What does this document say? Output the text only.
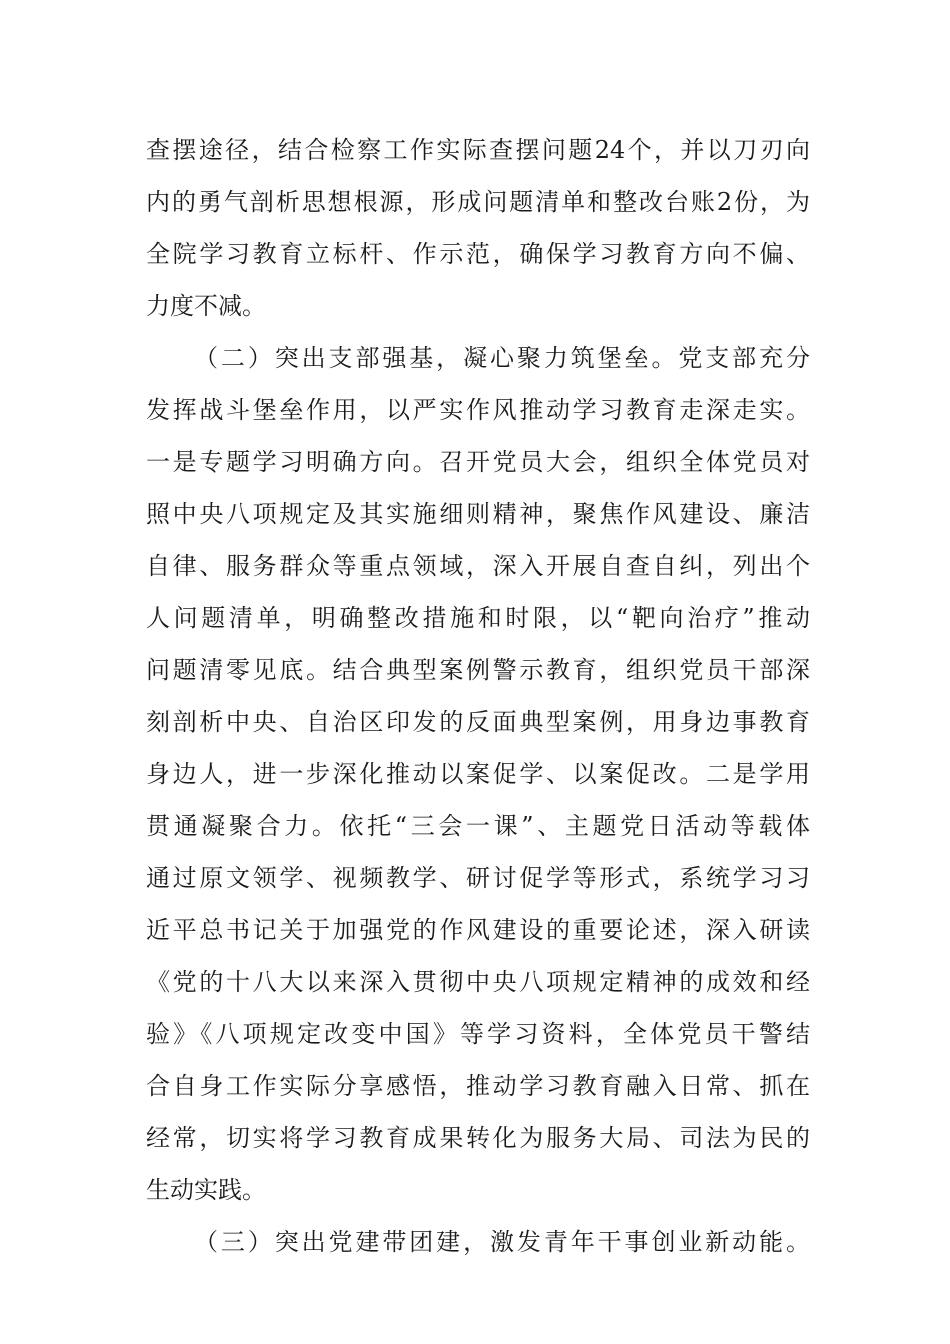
查摆途径，结合检察工作实际查摆问题24个，并以刀刃向
内的勇气剖析思想根源，形成问题清单和整改台账2份，为
全院学习教育立标杆、作示范，确保学习教育方向不偏、
力度不减。
（二）突出支部强基，凝心聚力筑堡垒。党支部充分
发挥战斗堡垒作用，以严实作风推动学习教育走深走实。
一是专题学习明确方向。召开党员大会，组织全体党员对
照中央八项规定及其实施细则精神，聚焦作风建设、廉洁
自律、服务群众等重点领域，深入开展自查自纠，列出个
人问题清单，明确整改措施和时限，以“靶向治疗”推动
问题清零见底。结合典型案例警示教育，组织党员干部深
刻剖析中央、自治区印发的反面典型案例，用身边事教育
身边人，进一步深化推动以案促学、以案促改。二是学用
贯通凝聚合力。依托“三会一课”、主题党日活动等载体
通过原文领学、视频教学、研讨促学等形式，系统学习习
近平总书记关于加强党的作风建设的重要论述，深入研读
《党的十八大以来深入贯彻中央八项规定精神的成效和经
验》《八项规定改变中国》等学习资料，全体党员干警结
合自身工作实际分享感悟，推动学习教育融入日常、抓在
经常，切实将学习教育成果转化为服务大局、司法为民的
生动实践。
（三）突出党建带团建，激发青年干事创业新动能。
